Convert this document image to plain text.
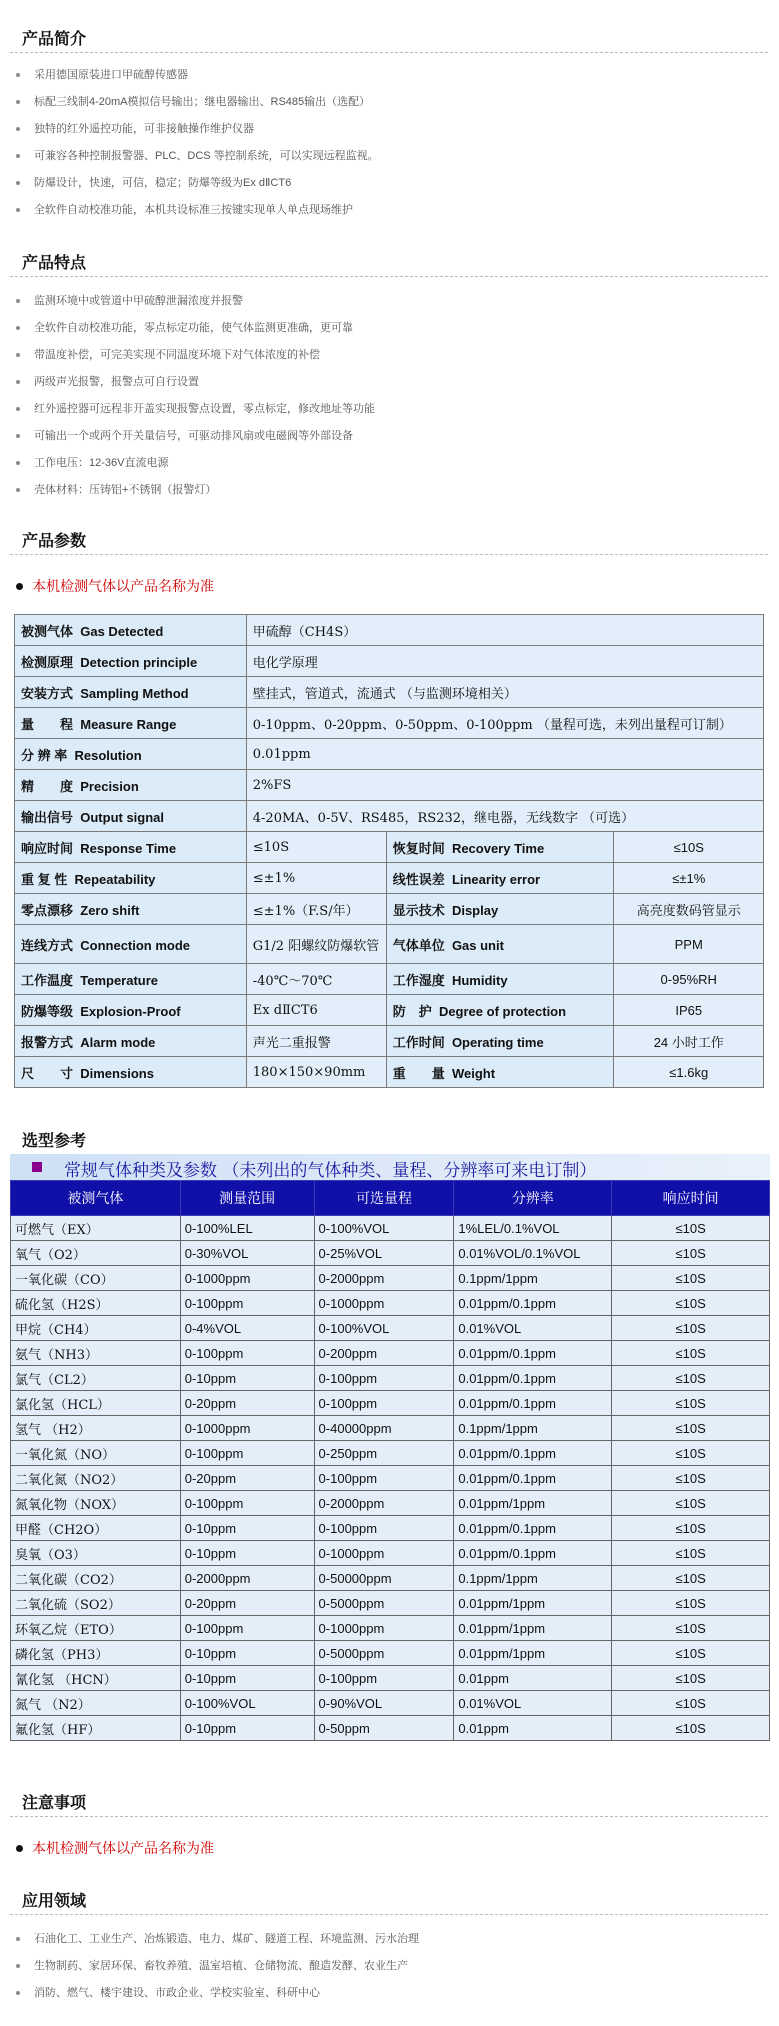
产品简介
采用德国原装进口甲硫醇传感器
标配三线制4-20mA模拟信号输出；继电器输出、RS485输出（选配）
独特的红外遥控功能，可非接触操作维护仪器
可兼容各种控制报警器、PLC、DCS 等控制系统，可以实现远程监视。
防爆设计，快速，可信，稳定；防爆等级为Ex dⅡCT6
全软件自动校准功能，本机共设标准三按键实现单人单点现场维护
产品特点
监测环境中或管道中甲硫醇泄漏浓度并报警
全软件自动校准功能，零点标定功能，使气体监测更准确，更可靠
带温度补偿，可完美实现不同温度环境下对气体浓度的补偿
两级声光报警，报警点可自行设置
红外遥控器可远程非开盖实现报警点设置，零点标定，修改地址等功能
可输出一个或两个开关量信号，可驱动排风扇或电磁阀等外部设备
工作电压：12-36V直流电源
壳体材料：压铸铝+不锈钢（报警灯）
产品参数
本机检测气体以产品名称为准
被测气体 Gas Detected	甲硫醇（CH4S）		
检测原理 Detection principle	电化学原理		
安装方式 Sampling Method	壁挂式，管道式，流通式 （与监测环境相关）		
量　　程 Measure Range	0-10ppm、0-20ppm、0-50ppm、0-100ppm （量程可选，未列出量程可订制）		
分 辨 率 Resolution	0.01ppm		
精　　度 Precision	2%FS		
输出信号 Output signal	4-20MA、0-5V、RS485，RS232，继电器，无线数字 （可选）		
响应时间 Response Time	≤10S	恢复时间 Recovery Time	≤10S
重 复 性 Repeatability	≤±1%	线性误差 Linearity error	≤±1%
零点漂移 Zero shift	≤±1%（F.S/年）	显示技术 Display	高亮度数码管显示
连线方式 Connection mode	G1/2 阳螺纹防爆软管	气体单位 Gas unit	PPM
工作温度 Temperature	-40℃～70℃	工作湿度 Humidity	0-95%RH
防爆等级 Explosion-Proof	Ex dⅡCT6	防　护 Degree of protection	IP65
报警方式 Alarm mode	声光二重报警	工作时间 Operating time	24 小时工作
尺　　寸 Dimensions	180×150×90mm	重　　量 Weight	≤1.6kg
选型参考
常规气体种类及参数 （未列出的气体种类、量程、分辨率可来电订制）
被测气体	测量范围	可选量程	分辨率	响应时间
可燃气（EX）	0-100%LEL	0-100%VOL	1%LEL/0.1%VOL	≤10S
氧气（O2）	0-30%VOL	0-25%VOL	0.01%VOL/0.1%VOL	≤10S
一氧化碳（CO）	0-1000ppm	0-2000ppm	0.1ppm/1ppm	≤10S
硫化氢（H2S）	0-100ppm	0-1000ppm	0.01ppm/0.1ppm	≤10S
甲烷（CH4）	0-4%VOL	0-100%VOL	0.01%VOL	≤10S
氨气（NH3）	0-100ppm	0-200ppm	0.01ppm/0.1ppm	≤10S
氯气（CL2）	0-10ppm	0-100ppm	0.01ppm/0.1ppm	≤10S
氯化氢（HCL）	0-20ppm	0-100ppm	0.01ppm/0.1ppm	≤10S
氢气 （H2）	0-1000ppm	0-40000ppm	0.1ppm/1ppm	≤10S
一氧化氮（NO）	0-100ppm	0-250ppm	0.01ppm/0.1ppm	≤10S
二氧化氮（NO2）	0-20ppm	0-100ppm	0.01ppm/0.1ppm	≤10S
氮氧化物（NOX）	0-100ppm	0-2000ppm	0.01ppm/1ppm	≤10S
甲醛（CH2O）	0-10ppm	0-100ppm	0.01ppm/0.1ppm	≤10S
臭氧（O3）	0-10ppm	0-1000ppm	0.01ppm/0.1ppm	≤10S
二氧化碳（CO2）	0-2000ppm	0-50000ppm	0.1ppm/1ppm	≤10S
二氧化硫（SO2）	0-20ppm	0-5000ppm	0.01ppm/1ppm	≤10S
环氧乙烷（ETO）	0-100ppm	0-1000ppm	0.01ppm/1ppm	≤10S
磷化氢（PH3）	0-10ppm	0-5000ppm	0.01ppm/1ppm	≤10S
氰化氢 （HCN）	0-10ppm	0-100ppm	0.01ppm	≤10S
氮气 （N2）	0-100%VOL	0-90%VOL	0.01%VOL	≤10S
氟化氢（HF）	0-10ppm	0-50ppm	0.01ppm	≤10S
注意事项
本机检测气体以产品名称为准
应用领域
石油化工、工业生产、冶炼锻造、电力、煤矿、隧道工程、环境监测、污水治理
生物制药、家居环保、畜牧养殖、温室培植、仓储物流、酿造发酵、农业生产
消防、燃气、楼宇建设、市政企业、学校实验室、科研中心
